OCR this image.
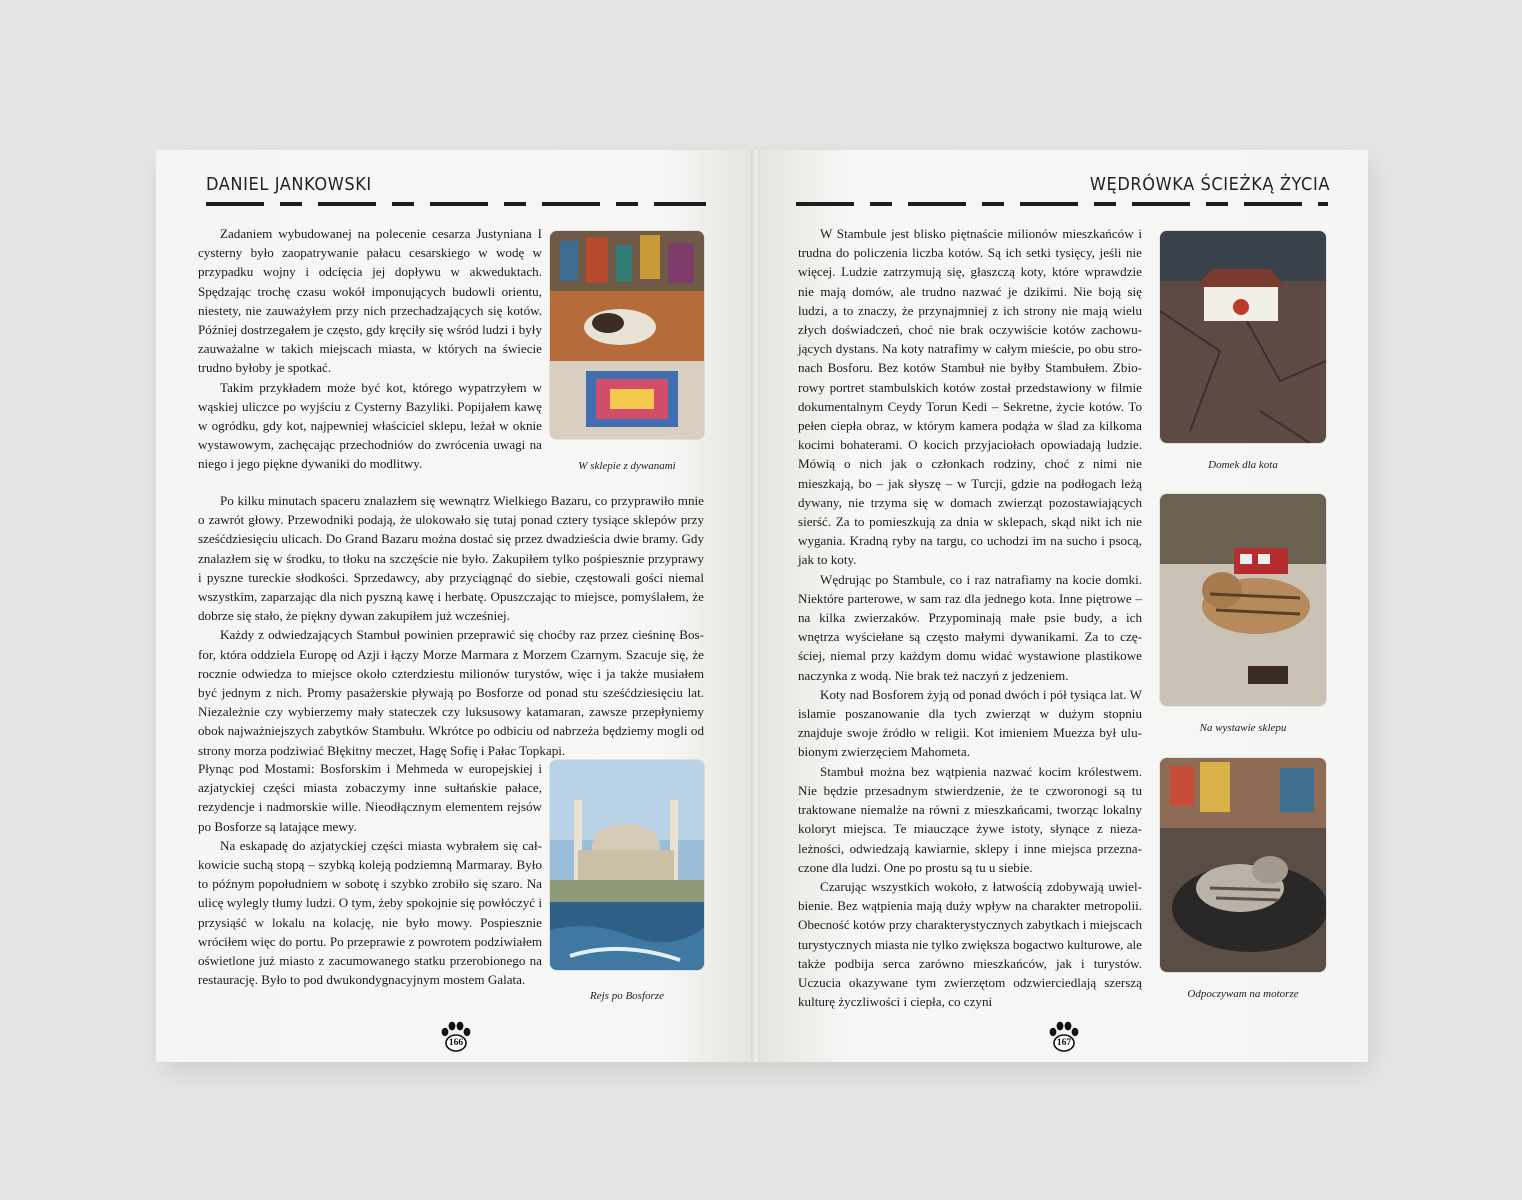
DANIEL JANKOWSKI

Zadaniem wybudowanej na polecenie cesarza Justyniana I cysterny było zaopatrywanie pałacu cesarskiego w wodę w przypadku wojny i odcięcia jej dopływu w akweduktach. Spędzając trochę czasu wokół imponujących budowli orientu, niestety, nie zauważyłem przy nich przechadzających się kotów. Później dostrzegałem je często, gdy kręciły się wśród ludzi i były zauważalne w takich miejscach miasta, w których na świecie trudno byłoby je spotkać.

Takim przykładem może być kot, którego wypatrzyłem w wąskiej uliczce po wyjściu z Cysterny Bazyliki. Popijałem kawę w ogródku, gdy kot, najpewniej właściciel sklepu, leżał w oknie wystawowym, zachęcając przechodniów do zwrócenia uwagi na niego i jego piękne dywaniki do modlitwy.	W sklepie z dywanami

Po kilku minutach spaceru znalazłem się wewnątrz Wielkiego Bazaru, co przyprawiło mnie o zawrót głowy. Przewodniki podają, że ulokowało się tutaj ponad cztery tysiące sklepów przy sześćdziesięciu ulicach. Do Grand Bazaru można dostać się przez dwadzieścia dwie bramy. Gdy znalazłem się w środku, to tłoku na szczęście nie było. Zakupiłem tylko pośpiesznie przyprawy i pyszne tureckie słodkości. Sprzedawcy, aby przyciągnąć do siebie, częstowali gości niemal wszystkim, zaparzając dla nich pyszną kawę i herbatę. Opuszczając to miejsce, pomyślałem, że dobrze się stało, że piękny dywan zakupiłem już wcześniej.

Każdy z odwiedzających Stambuł powinien przeprawić się choćby raz przez cieśninę Bosfor, która oddziela Europę od Azji i łączy Morze Marmara z Morzem Czarnym. Szacuje się, że rocznie odwiedza to miejsce około czterdziestu milionów turystów, więc i ja także musiałem być jednym z nich. Promy pasażerskie pływają po Bosforze od ponad stu sześćdziesięciu lat. Niezależnie czy wybierzemy mały stateczek czy luksusowy katamaran, zawsze przepłyniemy obok najważniejszych zabytków Stambułu. Wkrótce po odbiciu od nabrzeża będziemy mogli od strony morza podziwiać Błękitny meczet, Hagę Sofię i Pałac Topkapi.

Płynąc pod Mostami: Bosforskim i Mehmeda w europejskiej i azjatyckiej części miasta zobaczymy inne sułtańskie pałace, rezydencje i nadmorskie wille. Nieodłącznym elementem rejsów po Bosforze są latające mewy.

Na eskapadę do azjatyckiej części miasta wybrałem się całkowicie suchą stopą – szybką koleją podziemną Marmaray. Było to późnym popołudniem w sobotę i szybko zrobiło się szaro. Na ulicę wylegly tłumy ludzi. O tym, żeby spokojnie się powłóczyć i przysiąść w lokalu na kolację, nie było mowy. Pospiesznie wróciłem więc do portu. Po przeprawie z powrotem podziwiałem oświetlone już miasto z zacumowanego statku przerobionego na restaurację. Było to pod dwukondygnacyjnym mostem Galata.

Rejs po Bosforze
166
WĘDRÓWKA ŚCIEŻKĄ ŻYCIA

W Stambule jest blisko piętnaście milionów mieszkańców i trudna do policzenia liczba kotów. Są ich setki tysięcy, jeśli nie więcej. Ludzie zatrzymują się, głaszczą koty, które wprawdzie nie mają domów, ale trudno nazwać je dzikimi. Nie boją się ludzi, a to znaczy, że przynajmniej z ich strony nie mają wielu złych doświadczeń, choć nie brak oczywiście kotów zachowujących dystans. Na koty natrafimy w całym mieście, po obu stronach Bosforu. Bez kotów Stambuł nie byłby Stambułem. Zbiorowy portret stambulskich kotów został przedstawiony w filmie dokumentalnym Ceydy Torun Kedi – Sekretne, życie kotów. To pełen ciepła obraz, w którym kamera podąża w ślad za kilkoma kocimi bohaterami. O kocich przyjaciołach opowiadają ludzie. Mówią o nich jak o członkach rodziny, choć z nimi nie mieszkają, bo – jak słyszę – w Turcji, gdzie na podłogach leżą dywany, nie trzyma się w domach zwierząt pozostawiających sierść. Za to pomieszkują za dnia w sklepach, skąd nikt ich nie wygania. Kradną ryby na targu, co uchodzi im na sucho i psocą, jak to koty.

Wędrując po Stambule, co i raz natrafiamy na kocie domki. Niektóre parterowe, w sam raz dla jednego kota. Inne piętrowe – na kilka zwierzaków. Przypominają małe psie budy, a ich wnętrza wyściełane są często małymi dywanikami. Za to częściej, niemal przy każdym domu widać wystawione plastikowe naczynka z wodą. Nie brak też naczyń z jedzeniem.

Koty nad Bosforem żyją od ponad dwóch i pół tysiąca lat. W islamie poszanowanie dla tych zwierząt w dużym stopniu znajduje swoje źródło w religii. Kot imieniem Muezza był ulubionym zwierzęciem Mahometa.

Stambuł można bez wątpienia nazwać kocim królestwem. Nie będzie przesadnym stwierdzenie, że te czworonogi są tu traktowane niemalże na równi z mieszkańcami, tworząc lokalny koloryt miejsca. Te miauczące żywe istoty, słynące z niezależności, odwiedzają kawiarnie, sklepy i inne miejsca przeznaczone dla ludzi. One po prostu są tu u siebie.

Czarując wszystkich wokoło, z łatwością zdobywają uwielbienie. Bez wątpienia mają duży wpływ na charakter metropolii. Obecność kotów przy charakterystycznych zabytkach i miejscach turystycznych miasta nie tylko zwiększa bogactwo kulturowe, ale także podbija serca zarówno mieszkańców, jak i turystów. Uczucia okazywane tym zwierzętom odzwierciedlają szerszą kulturę życzliwości i ciepła, co czyni

Domek dla kota
Na wystawie sklepu
Odpoczywam na motorze
167
